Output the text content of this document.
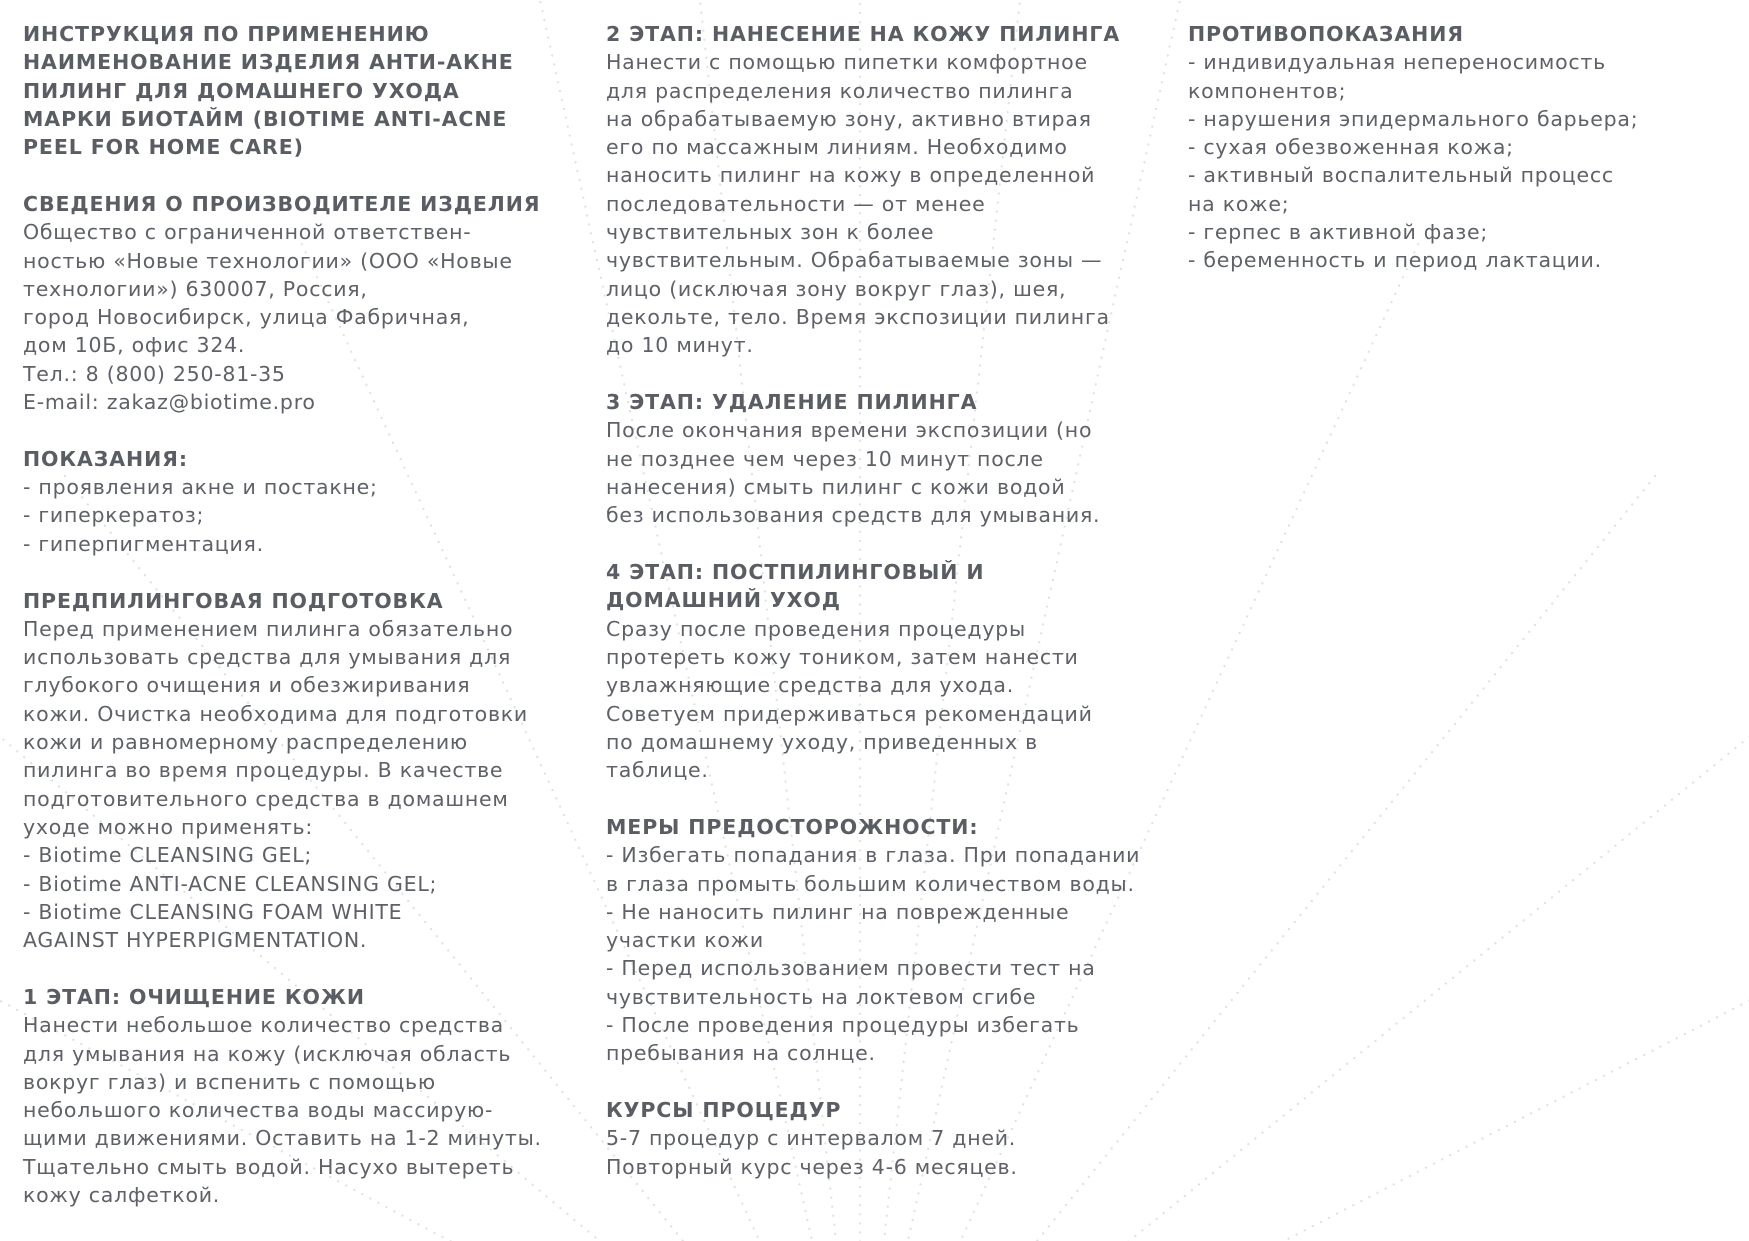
ИНСТРУКЦИЯ ПО ПРИМЕНЕНИЮ
НАИМЕНОВАНИЕ ИЗДЕЛИЯ АНТИ-АКНЕ
ПИЛИНГ ДЛЯ ДОМАШНЕГО УХОДА
МАРКИ БИОТАЙМ (BIOTIME ANTI-ACNE
PEEL FOR HOME CARE)
СВЕДЕНИЯ О ПРОИЗВОДИТЕЛЕ ИЗДЕЛИЯ
Общество с ограниченной ответствен-
ностью «Новые технологии» (ООО «Новые
технологии») 630007, Россия,
город Новосибирск, улица Фабричная,
дом 10Б, офис 324.
Тел.: 8 (800) 250-81-35
E-mail: zakaz@biotime.pro
ПОКАЗАНИЯ:
- проявления акне и постакне;
- гиперкератоз;
- гиперпигментация.
ПРЕДПИЛИНГОВАЯ ПОДГОТОВКА
Перед применением пилинга обязательно
использовать средства для умывания для
глубокого очищения и обезжиривания
кожи. Очистка необходима для подготовки
кожи и равномерному распределению
пилинга во время процедуры. В качестве
подготовительного средства в домашнем
уходе можно применять:
- Biotime CLEANSING GEL;
- Biotime ANTI-ACNE CLEANSING GEL;
- Biotime CLEANSING FOAM WHITE
AGAINST HYPERPIGMENTATION.
1 ЭТАП: ОЧИЩЕНИЕ КОЖИ
Нанести небольшое количество средства
для умывания на кожу (исключая область
вокруг глаз) и вспенить с помощью
небольшого количества воды массирую-
щими движениями. Оставить на 1-2 минуты.
Тщательно смыть водой. Насухо вытереть
кожу салфеткой.
2 ЭТАП: НАНЕСЕНИЕ НА КОЖУ ПИЛИНГА
Нанести с помощью пипетки комфортное
для распределения количество пилинга
на обрабатываемую зону, активно втирая
его по массажным линиям. Необходимо
наносить пилинг на кожу в определенной
последовательности — от менее
чувствительных зон к более
чувствительным. Обрабатываемые зоны —
лицо (исключая зону вокруг глаз), шея,
декольте, тело. Время экспозиции пилинга
до 10 минут.
3 ЭТАП: УДАЛЕНИЕ ПИЛИНГА
После окончания времени экспозиции (но
не позднее чем через 10 минут после
нанесения) смыть пилинг с кожи водой
без использования средств для умывания.
4 ЭТАП: ПОСТПИЛИНГОВЫЙ И
ДОМАШНИЙ УХОД
Сразу после проведения процедуры
протереть кожу тоником, затем нанести
увлажняющие средства для ухода.
Советуем придерживаться рекомендаций
по домашнему уходу, приведенных в
таблице.
МЕРЫ ПРЕДОСТОРОЖНОСТИ:
- Избегать попадания в глаза. При попадании
в глаза промыть большим количеством воды.
- Не наносить пилинг на поврежденные
участки кожи
- Перед использованием провести тест на
чувствительность на локтевом сгибе
- После проведения процедуры избегать
пребывания на солнце.
КУРСЫ ПРОЦЕДУР
5-7 процедур с интервалом 7 дней.
Повторный курс через 4-6 месяцев.
ПРОТИВОПОКАЗАНИЯ
- индивидуальная непереносимость
компонентов;
- нарушения эпидермального барьера;
- сухая обезвоженная кожа;
- активный воспалительный процесс
на коже;
- герпес в активной фазе;
- беременность и период лактации.
